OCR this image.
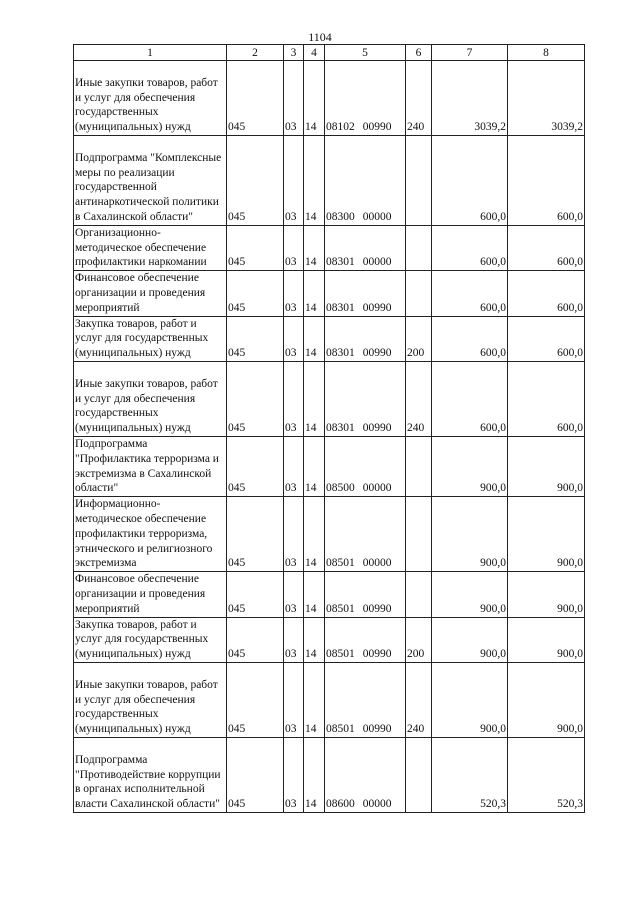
1104
1	2	3	4	5	6	7	8
Иные закупки товаров, работ и услуг для обеспечения государственных (муниципальных) нужд	045	03	14	08102 00990	240	3039,2	3039,2
Подпрограмма "Комплексные меры по реализации государственной антинаркотической политики в Сахалинской области"	045	03	14	08300 00000		600,0	600,0
Организационно-методическое обеспечение профилактики наркомании	045	03	14	08301 00000		600,0	600,0
Финансовое обеспечение организации и проведения мероприятий	045	03	14	08301 00990		600,0	600,0
Закупка товаров, работ и услуг для государственных (муниципальных) нужд	045	03	14	08301 00990	200	600,0	600,0
Иные закупки товаров, работ и услуг для обеспечения государственных (муниципальных) нужд	045	03	14	08301 00990	240	600,0	600,0
Подпрограмма "Профилактика терроризма и экстремизма в Сахалинской области"	045	03	14	08500 00000		900,0	900,0
Информационно-методическое обеспечение профилактики терроризма, этнического и религиозного экстремизма	045	03	14	08501 00000		900,0	900,0
Финансовое обеспечение организации и проведения мероприятий	045	03	14	08501 00990		900,0	900,0
Закупка товаров, работ и услуг для государственных (муниципальных) нужд	045	03	14	08501 00990	200	900,0	900,0
Иные закупки товаров, работ и услуг для обеспечения государственных (муниципальных) нужд	045	03	14	08501 00990	240	900,0	900,0
Подпрограмма "Противодействие коррупции в органах исполнительной власти Сахалинской области"	045	03	14	08600 00000		520,3	520,3
